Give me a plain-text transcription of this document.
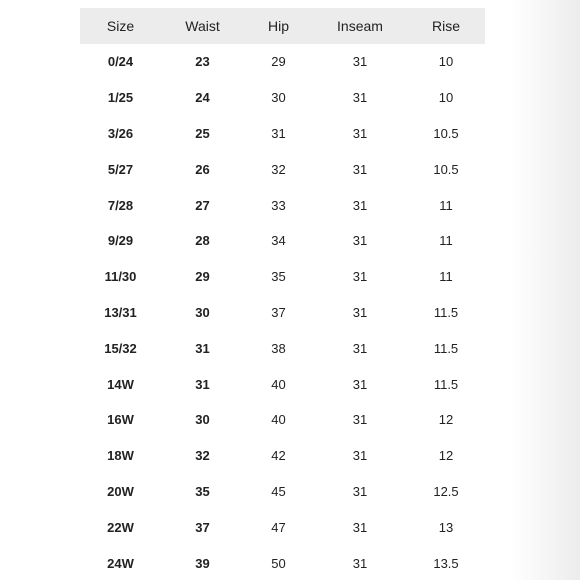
Size	Waist	Hip	Inseam	Rise
0/24	23	29	31	10
1/25	24	30	31	10
3/26	25	31	31	10.5
5/27	26	32	31	10.5
7/28	27	33	31	11
9/29	28	34	31	11
11/30	29	35	31	11
13/31	30	37	31	11.5
15/32	31	38	31	11.5
14W	31	40	31	11.5
16W	30	40	31	12
18W	32	42	31	12
20W	35	45	31	12.5
22W	37	47	31	13
24W	39	50	31	13.5
